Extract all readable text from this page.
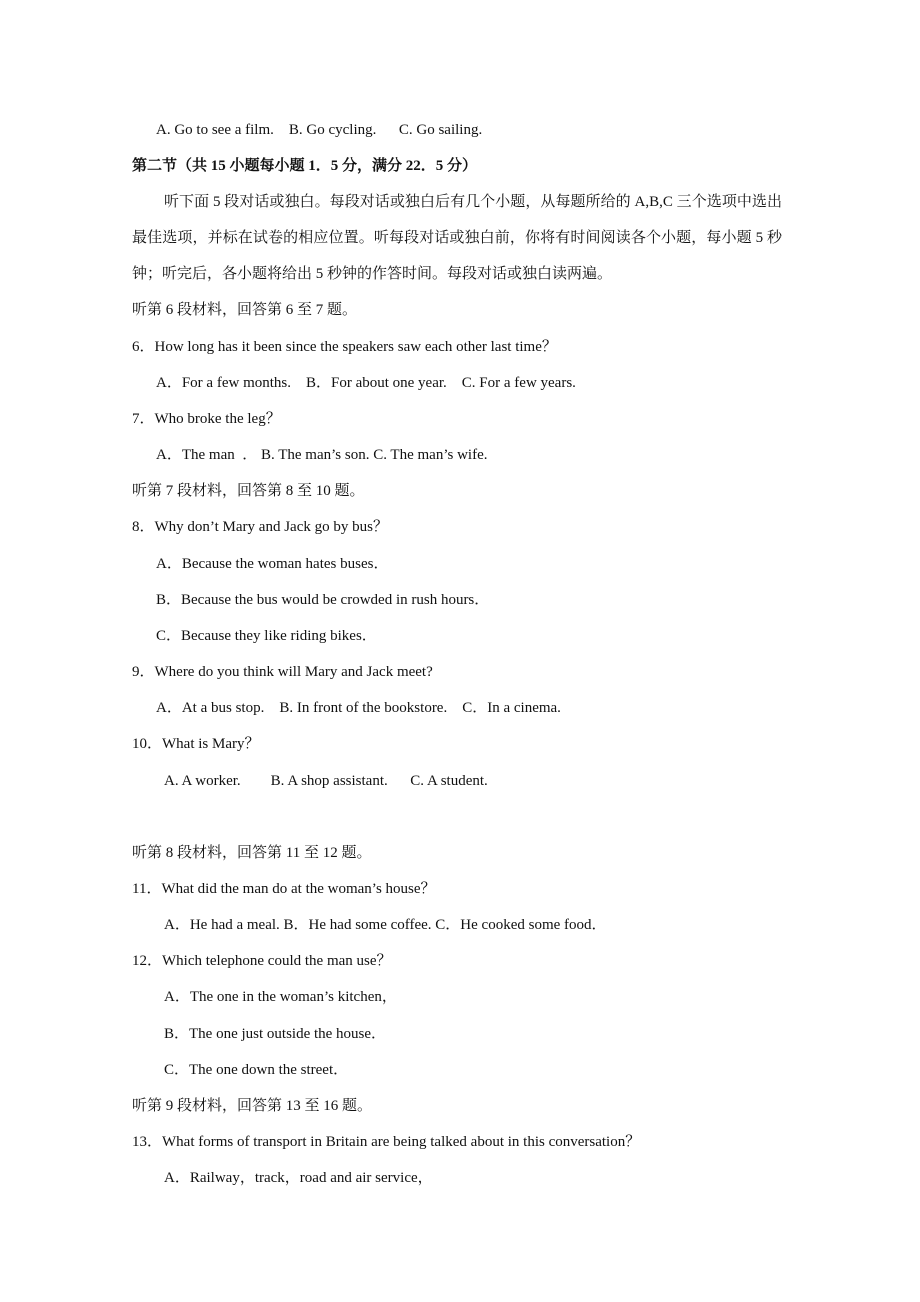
A. Go to see a film.    B. Go cycling.      C. Go sailing.
第二节（共 15 小题每小题 1．5 分，满分 22．5 分）
听下面 5 段对话或独白。每段对话或独白后有几个小题，从每题所给的 A,B,C 三个选项中选出最佳选项，并标在试卷的相应位置。听每段对话或独白前，你将有时间阅读各个小题，每小题 5 秒钟；听完后，各小题将给出 5 秒钟的作答时间。每段对话或独白读两遍。
听第 6 段材料，回答第 6 至 7 题。
6．How long has it been since the speakers saw each other last time？
A．For a few months.    B．For about one year.    C. For a few years.
7．Who broke the leg？
A．The man  ． B. The man’s son. C. The man’s wife.
听第 7 段材料，回答第 8 至 10 题。
8．Why don’t Mary and Jack go by bus？
A．Because the woman hates buses．
B．Because the bus would be crowded in rush hours．
C．Because they like riding bikes．
9．Where do you think will Mary and Jack meet?
A．At a bus stop.    B. In front of the bookstore.    C．In a cinema.
10．What is Mary？
A. A worker.        B. A shop assistant.      C. A student.
听第 8 段材料，回答第 11 至 12 题。
11．What did the man do at the woman’s house？
A．He had a meal. B．He had some coffee. C．He cooked some food．
12．Which telephone could the man use？
A．The one in the woman’s kitchen，
B．The one just outside the house．
C．The one down the street．
听第 9 段材料，回答第 13 至 16 题。
13．What forms of transport in Britain are being talked about in this conversation？
A．Railway，track，road and air service，
